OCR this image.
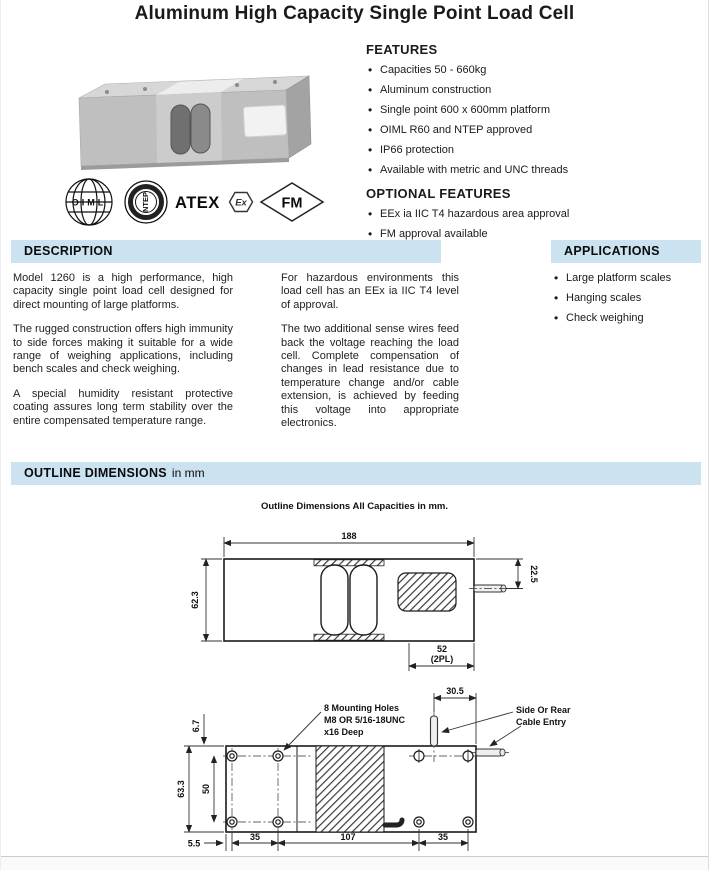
Aluminum High Capacity Single Point Load Cell
OIML	NTEP ATEX Ex FM
FEATURES
• Capacities 50 - 660kg
• Aluminum construction
• Single point 600 x 600mm platform
• OIML R60 and NTEP approved
• IP66 protection
• Available with metric and UNC threads
OPTIONAL FEATURES
• EEx ia IIC T4 hazardous area approval
• FM approval available
DESCRIPTION

Model 1260 is a high performance, high capacity single point load cell designed for direct mounting of large platforms.

The rugged construction offers high immunity to side forces making it suitable for a wide range of weighing applications, including bench scales and check weighing.

A special humidity resistant protective coating assures long term stability over the entire compensated temperature range.

For hazardous environments this load cell has an EEx ia IIC T4 level of approval.

The two additional sense wires feed back the voltage reaching the load cell. Complete compensation of changes in lead resistance due to temperature change and/or cable extension, is achieved by feeding this voltage into appropriate electronics.

APPLICATIONS
• Large platform scales
• Hanging scales
• Check weighing
OUTLINE DIMENSIONS in mm
Outline Dimensions All Capacities in mm.
188
62.3
22.5
52
(2PL)
30.5
6.7
63.3 50
35	107	35
5.5
8 Mounting Holes
M8 OR 5/16-18UNC
x16 Deep
Side Or Rear
Cable Entry
